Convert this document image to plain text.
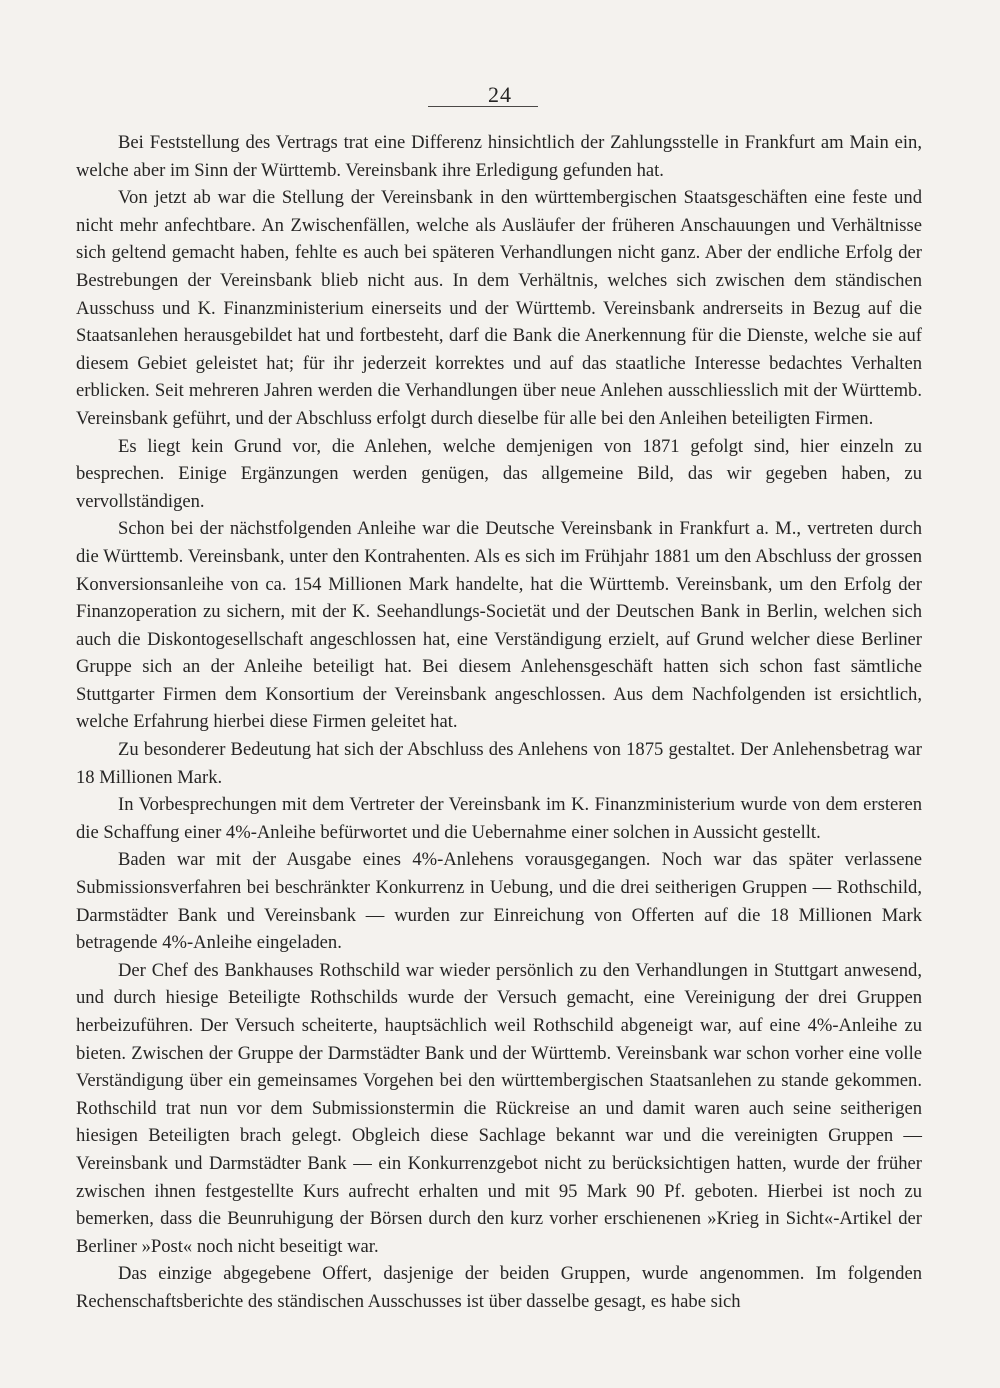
24

Bei Feststellung des Vertrags trat eine Differenz hinsichtlich der Zahlungsstelle in Frankfurt am Main ein, welche aber im Sinn der Württemb. Vereinsbank ihre Erledigung gefunden hat.

Von jetzt ab war die Stellung der Vereinsbank in den württembergischen Staatsgeschäften eine feste und nicht mehr anfechtbare. An Zwischenfällen, welche als Ausläufer der früheren Anschauungen und Verhältnisse sich geltend gemacht haben, fehlte es auch bei späteren Verhandlungen nicht ganz. Aber der endliche Erfolg der Bestrebungen der Vereinsbank blieb nicht aus. In dem Verhältnis, welches sich zwischen dem ständischen Ausschuss und K. Finanzministerium einerseits und der Württemb. Vereinsbank andrerseits in Bezug auf die Staatsanlehen herausgebildet hat und fortbesteht, darf die Bank die Anerkennung für die Dienste, welche sie auf diesem Gebiet geleistet hat; für ihr jederzeit korrektes und auf das staatliche Interesse bedachtes Verhalten erblicken. Seit mehreren Jahren werden die Verhandlungen über neue Anlehen ausschliesslich mit der Württemb. Vereinsbank geführt, und der Abschluss erfolgt durch dieselbe für alle bei den Anleihen beteiligten Firmen.

Es liegt kein Grund vor, die Anlehen, welche demjenigen von 1871 gefolgt sind, hier einzeln zu besprechen. Einige Ergänzungen werden genügen, das allgemeine Bild, das wir gegeben haben, zu vervollständigen.

Schon bei der nächstfolgenden Anleihe war die Deutsche Vereinsbank in Frankfurt a. M., vertreten durch die Württemb. Vereinsbank, unter den Kontrahenten. Als es sich im Frühjahr 1881 um den Abschluss der grossen Konversionsanleihe von ca. 154 Millionen Mark handelte, hat die Württemb. Vereinsbank, um den Erfolg der Finanzoperation zu sichern, mit der K. Seehandlungs-Societät und der Deutschen Bank in Berlin, welchen sich auch die Diskontogesellschaft angeschlossen hat, eine Verständigung erzielt, auf Grund welcher diese Berliner Gruppe sich an der Anleihe beteiligt hat. Bei diesem Anlehensgeschäft hatten sich schon fast sämtliche Stuttgarter Firmen dem Konsortium der Vereinsbank angeschlossen. Aus dem Nachfolgenden ist ersichtlich, welche Erfahrung hierbei diese Firmen geleitet hat.

Zu besonderer Bedeutung hat sich der Abschluss des Anlehens von 1875 gestaltet. Der Anlehensbetrag war 18 Millionen Mark.

In Vorbesprechungen mit dem Vertreter der Vereinsbank im K. Finanzministerium wurde von dem ersteren die Schaffung einer 4%-Anleihe befürwortet und die Uebernahme einer solchen in Aussicht gestellt.

Baden war mit der Ausgabe eines 4%-Anlehens vorausgegangen. Noch war das später verlassene Submissionsverfahren bei beschränkter Konkurrenz in Uebung, und die drei seitherigen Gruppen — Rothschild, Darmstädter Bank und Vereinsbank — wurden zur Einreichung von Offerten auf die 18 Millionen Mark betragende 4%-Anleihe eingeladen.

Der Chef des Bankhauses Rothschild war wieder persönlich zu den Verhandlungen in Stuttgart anwesend, und durch hiesige Beteiligte Rothschilds wurde der Versuch gemacht, eine Vereinigung der drei Gruppen herbeizuführen. Der Versuch scheiterte, hauptsächlich weil Rothschild abgeneigt war, auf eine 4%-Anleihe zu bieten. Zwischen der Gruppe der Darmstädter Bank und der Württemb. Vereinsbank war schon vorher eine volle Verständigung über ein gemeinsames Vorgehen bei den württembergischen Staatsanlehen zu stande gekommen. Rothschild trat nun vor dem Submissionstermin die Rückreise an und damit waren auch seine seitherigen hiesigen Beteiligten brach gelegt. Obgleich diese Sachlage bekannt war und die vereinigten Gruppen — Vereinsbank und Darmstädter Bank — ein Konkurrenzgebot nicht zu berücksichtigen hatten, wurde der früher zwischen ihnen festgestellte Kurs aufrecht erhalten und mit 95 Mark 90 Pf. geboten. Hierbei ist noch zu bemerken, dass die Beunruhigung der Börsen durch den kurz vorher erschienenen »Krieg in Sicht«-Artikel der Berliner »Post« noch nicht beseitigt war.

Das einzige abgegebene Offert, dasjenige der beiden Gruppen, wurde angenommen. Im folgenden Rechenschaftsberichte des ständischen Ausschusses ist über dasselbe gesagt, es habe sich
